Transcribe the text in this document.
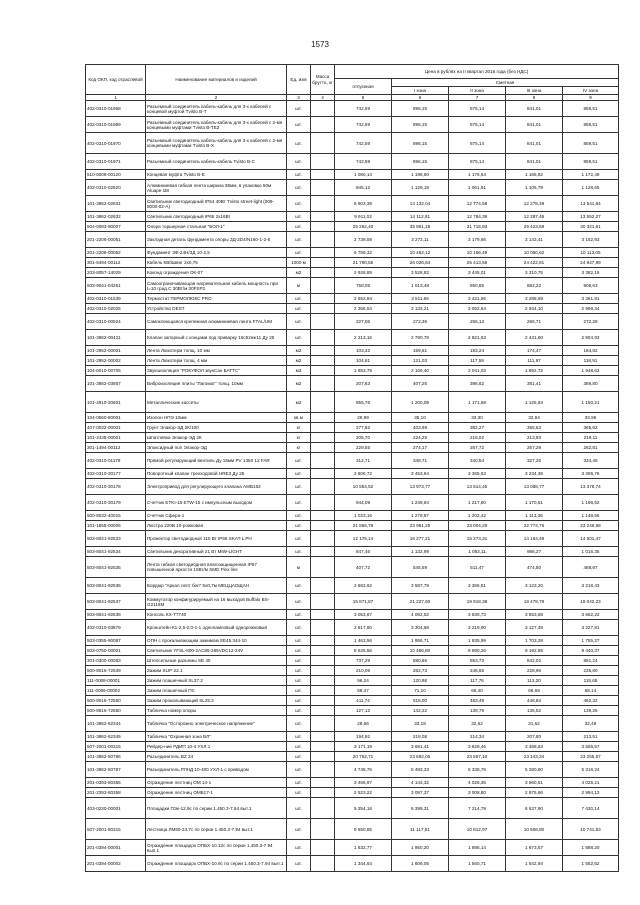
1573
Код ОКП, код отраслевой	Наименование материалов и изделий	Ед. изм	Масса брутто, кг	Цена в рублях на II квартал 2016 года (без НДС)				
				отпускная	Сметная			
					I зона	II зона	III зона	IV зона
1	2	3	4	5	6	7	8	9
402-0310-01968	Разъемный соединитель кабель-кабель для 3-х кабелей с концевой муфтой Tvisto B-T	шт.		742,59	896,15	875,14	841,01	859,51
402-0310-01969	Разъемный соединитель кабель-кабель для 3-х кабелей с 2-мя концевыми муфтами Tvisto B-TE2	шт.		742,59	896,15	875,14	841,01	859,51
402-0310-01970	Разъемный соединитель кабель-кабель для 3-х кабелей с 2-мя концевыми муфтами Tvisto B-X	шт.		742,59	896,15	875,14	841,01	859,51
402-0310-01971	Разъемный соединитель кабель-кабель Tvisto B-C	шт.		742,59	896,15	875,14	841,01	859,51
510-6008-00120	Концевая муфта Tvisto B-E	шт.		1 080,14	1 198,80	1 176,54	1 165,62	1 172,49
402-0310-02620	Алюминиевая гибкая лента ширина 38мм, в упаковке 50м Aluape I28	шт.		945,12	1 129,19	1 061,91	1 105,79	1 128,65
101-3862-02631	Светильник светодиодный IP54 40Вт Tvisto street-light (009-8000-02-A)	шт.		6 903,39	14 132,04	12 774,58	12 278,49	13 541,84
101-3862-02632	Светильник светодиодный IP65 2х16Вт	шт.		9 911,02	14 112,91	12 784,39	12 287,46	13 552,27
504-0083-90007	Опора торшерная стальная "БОЛ-1"	шт.		25 262,40	35 861,18	31 715,93	29 423,69	30 321,61
201-2206-00051	Закладная деталь фундамента опоры ЗД-2D4/N160-1-2-6	шт.		2 739,59	3 272,11	3 179,66	3 143,41	3 162,93
201-2206-00052	Фундамент ЗФ-24Н/ЗД 10-2,5	шт.		6 759,32	10 462,12	10 186,49	10 050,62	10 113,05
301-6494-00112	Кабель КВбШвнг 2х0,75	1000 м		21 790,55	26 026,64	25 413,58	24 422,81	24 947,99
203-8057-14029	Коконд ограждения ОК-07	м2		2 928,89	3 528,82	3 445,01	3 310,75	3 382,16
503-9041-04261	Самоограничивающая нагревательная кабель мощность при t=10 град.С 30Вт/м 30FSP2	м		758,05	1 013,48	950,85	882,22	909,63
402-0310-01539	Термостат ТЕРМОЛЮКС PRO	шт.		2 652,94	3 511,66	3 421,56	3 288,69	3 361,81
402-0310-02025	Устройство DEST	шт.		2 368,54	3 133,21	3 052,64	2 934,10	2 999,34
402-0310-00924	Самоклеющаяся крепежная алюминиевая лента FTAL/UM	шт.		227,06	272,36	256,13	266,71	272,28
101-3862-00421	Клапан запорный с концами под приварку 15с52нж11 Ду 25	шт.		2 213,16	2 790,78	2 821,53	2 431,60	2 904,93
101-2952-00001	Лента Люкотерм толщ. 10 мм	м2		103,32	159,61	183,24	174,47	184,82
101-2952-00002	Лента Люкотерм толщ. 4 мм	м2		104,61	121,03	117,59	111,97	118,91
104-6010-00705	Звукоизоляция "РОКУФОЛ звукСан БАТТС"	м3		1 853,79	2 169,40	2 041,03	1 892,72	1 948,63
101-3862-03867	Виброизоляция плиты "Лагомат" толщ. 10мм	м2		207,63	407,26	396,62	381,41	389,80
101-4910-20601	Металлические кассеты	м2		955,76	1 200,09	1 171,58	1 125,93	1 150,21
104-0560-80001	Изолон НПЭ 10мм	кв.м		29,99	35,10	33,30	32,94	33,96
407-0032-00001	Грунт Элакор-ЭД 2К/100	кг		277,82	403,69	382,27	355,63	365,62
101-2438-00001	Шпатлевка Элакор-ЭД 2К	кг		205,70	224,25	216,02	213,93	219,11
301-1494-00112	Эпоксидный пол Элакор-ЭД	кг		229,55	274,17	267,72	257,29	262,81
402-0310-01178	Прямой регулирующий вентиль Ду 15мм PV 1350 12 FAR	шт.		312,71	348,71	340,54	327,26	334,45
402-0310-30177	Поворотный клапан трехходовой HRE3 Ду 25	шт.		2 606,72	3 453,84	3 365,63	3 234,36	3 306,76
402-0310-30178	Электропривод для регулирующего клапана AMB162	шт.		10 554,52	13 973,77	13 614,45	13 088,77	13 378,74
402-0310-30179	Счетчик ETKI-15 ETW-15 с импульсным выходом	шт.		944,09	1 249,84	1 217,80	1 170,51	1 196,52
500-8032-40015	Счетчик Сфера-1	шт.		1 023,16	1 279,87	1 202,42	1 113,36	1 148,66
101-1858-00006	Люстра 220В 10-рожковая	шт.		21 856,78	23 981,25	23 004,26	22 774,76	23 246,88
503-8041-92533	Прожектор светодиодный 110 Вт IP65 SKAT-L PH	шт.		12 175,14	16 277,21	15 273,31	14 184,49	14 601,47
503-8041-92534	Светильник декоративный 21 Вт MIW-LIGHT	шт.		847,46	1 132,99	1 063,11	986,27	1 016,35
503-8041-92535	Лента гибкая светодиодная влагозащищенная IP67 повышенной яркости 15Вт/м SMD Flex line	м		407,72	545,59	511,47	474,50	488,97
503-8041-92536	Бордюр "Аркал лепт бел" 5х0,7м МЕЦЦАОЩАН	шт.		2 683,62	3 587,79	3 366,51	3 123,20	3 218,43
503-8041-92537	Коммутатор конфигурируемый на 16 выходов Buffalo BS-G2116M	шт.		15 871,87	21 227,60	19 918,38	18 478,79	19 042,23
503-8041-92538	Консоль КХ-Т7740	шт.		3 053,67	4 082,52	3 830,73	3 553,88	3 662,22
402-0310-03879	Кронштейн К1-2,5-2,0-1-1 одноламповый однорожковый	шт.		2 817,80	3 304,98	3 219,90	3 127,48	3 227,81
503-0355-90087	ОПН с прокалывающим зажимом SE45.344-10	шт.		1 463,56	1 956,71	1 835,99	1 703,28	1 755,27
503-0750-00001	Светильник YFSL-800-2AC85-265VDC12-24V	шт.		8 525,56	10 466,80	9 890,26	9 192,85	9 440,37
301-0300-00083	Штепсельные разъемы SE 40	шт.		737,29	880,66	853,73	842,02	851,24
500-8016-72549	Зажим SLIP 22.1	шт.		210,05	262,73	246,68	228,96	235,80
111-0008-00001	Зажим плашечный SL37.2	шт.		96,24	120,98	117,76	113,20	115,65
111-0006-00002	Зажим плашечный ПС	шт.		58,47	71,10	69,40	66,69	68,14
500-8016-72550	Зажим прокалывающий SL25.2	шт.		411,74	515,00	483,49	448,84	462,32
500-8816-72550	Табличка номер опоры	шт.		127,12	142,22	139,79	135,52	139,25
101-3862-62344	Табличка "Осторожно электрическое напряжение"	шт.		29,66	33,18	32,62	31,62	32,49
101-3862-62345	Табличка "Охранная зона ВЛ"	шт.		194,92	218,08	214,34	207,80	213,51
507-2001-00315	Рейдер-ние РДИП 10-4 УХЛ 1	шт.		3 171,19	3 691,41	3 629,46	3 488,63	3 556,57
101-3862-50786	Разъединитель BZ 24	шт.		20 762,71	23 692,06	23 557,10	23 143,34	23 255,57
101-3862-50787	Разъединитель РЛНД 10-400 УХЛ-1 с приводом	шт.		4 745,76	5 483,33	5 338,76	5 280,90	5 316,24
201-0393-80355	Ограждение лестниц ОМ 14-1	шт.		3 466,97	4 143,32	4 026,35	3 960,51	4 025,21
201-2393-80358	Ограждение лестниц ОМБ17-1	шт.		2 523,22	3 097,37	3 008,80	2 975,66	2 994,13
403-0230-00001	Площадки ПЭк-12.9с по серии 1.450.3-7.94 выт.1	шт.		5 354,18	6 399,31	7 214,79	6 637,90	7 430,14
507-2001-80315	Лестница ЛМ60-24.7с по серии 1.450.3-7.94 выт.1	шт.		9 550,85	11 117,51	10 812,97	10 506,80	10 741,53
201-0394-00001	Ограждение площадок ОПБХ-10.12с по серии 1.450.3-7.94 вып.1	шт.		1 632,77	1 950,20	1 895,14	1 873,57	1 888,20
201-0394-00002	Ограждение площадок ОПБХ-10.9с по серии 1.450.3-7.94 вып.1	шт.		1 344,64	1 606,05	1 560,71	1 542,94	1 552,52
